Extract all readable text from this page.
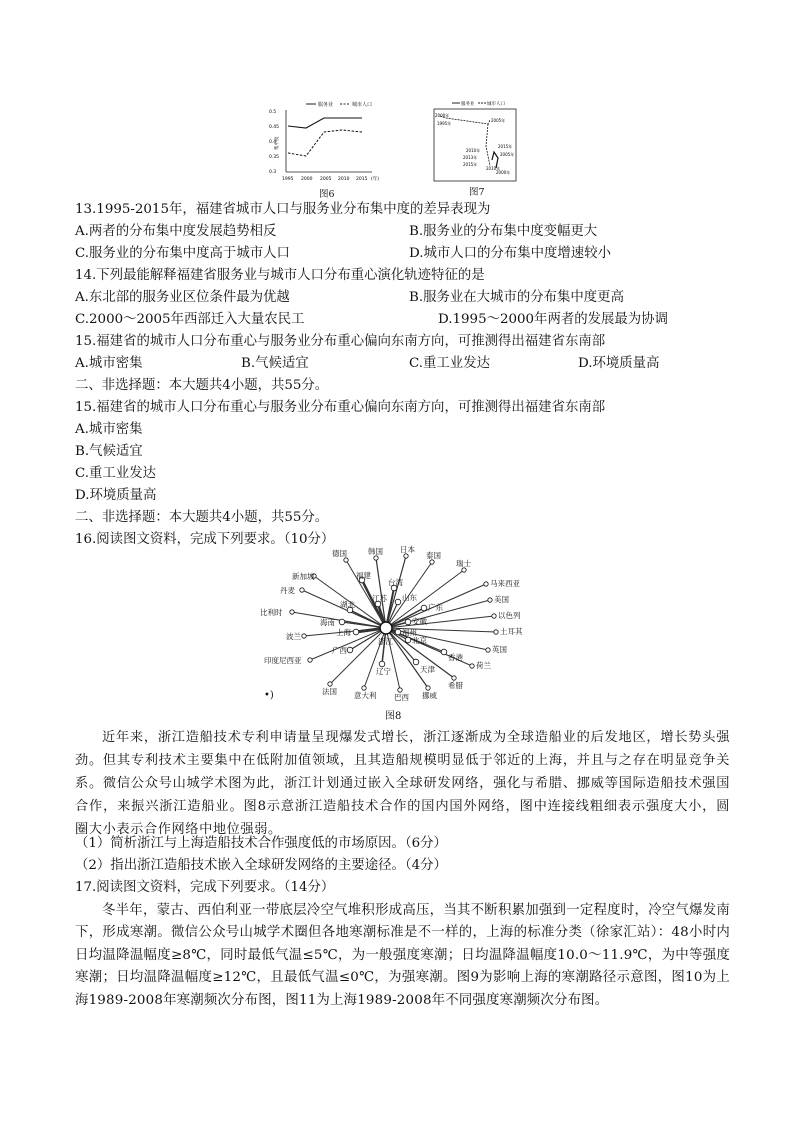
服务业	城市人口
0.5
0.45
0.4
0.35
0.3
集中度
1995 2000 2005 2010 2015 (年)
图6
服务业	城市人口
2000年
1995年
2005年
2010年
2013年
2015年
2015年
2010年
2005年
2000年
图7
13.1995-2015年，福建省城市人口与服务业分布集中度的差异表现为
A.两者的分布集中度发展趋势相反	B.服务业的分布集中度变幅更大
C.服务业的分布集中度高于城市人口	D.城市人口的分布集中度增速较小
14.下列最能解释福建省服务业与城市人口分布重心演化轨迹特征的是
A.东北部的服务业区位条件最为优越	B.服务业在大城市的分布集中度更高
C.2000～2005年西部迁入大量农民工	D.1995～2000年两者的发展最为协调
15.福建省的城市人口分布重心与服务业分布重心偏向东南方向，可推测得出福建省东南部
A.城市密集	B.气候适宜	C.重工业发达	D.环境质量高
二、非选择题：本大题共4小题，共55分。
15.福建省的城市人口分布重心与服务业分布重心偏向东南方向，可推测得出福建省东南部
A.城市密集
B.气候适宜
C.重工业发达
D.环境质量高
二、非选择题：本大题共4小题，共55分。
16.阅读图文资料，完成下列要求。（10分）
德国	韩国 日本
泰国
瑞士
马来西亚
美国
以色列
土耳其
英国
荷兰
希腊
挪威
巴西
意大利
法国
印度尼西亚
波兰
比利时
丹麦
新加坡	福建
台湾
江苏
广东
湖北
安徽
辽宁	天津
香港
海南
广西
上海
北京
山东
福州
浙江
•)
图8
近年来，浙江造船技术专利申请量呈现爆发式增长，浙江逐渐成为全球造船业的后发地区，增长势头强劲。但其专利技术主要集中在低附加值领域，且其造船规模明显低于邻近的上海，并且与之存在明显竞争关系。微信公众号山城学术图为此，浙江计划通过嵌入全球研发网络，强化与希腊、挪威等国际造船技术强国合作，来振兴浙江造船业。图8示意浙江造船技术合作的国内国外网络，图中连接线粗细表示强度大小，圆圈大小表示合作网络中地位强弱。
（1）简析浙江与上海造船技术合作强度低的市场原因。（6分）
（2）指出浙江造船技术嵌入全球研发网络的主要途径。（4分）
17.阅读图文资料，完成下列要求。（14分）
冬半年，蒙古、西伯利亚一带底层冷空气堆积形成高压，当其不断积累加强到一定程度时，冷空气爆发南下，形成寒潮。微信公众号山城学术圈但各地寒潮标准是不一样的，上海的标准分类（徐家汇站）：48小时内日均温降温幅度≥8℃，同时最低气温≤5℃，为一般强度寒潮；日均温降温幅度10.0～11.9℃，为中等强度寒潮；日均温降温幅度≥12℃，且最低气温≤0℃，为强寒潮。图9为影响上海的寒潮路径示意图，图10为上海1989-2008年寒潮频次分布图，图11为上海1989-2008年不同强度寒潮频次分布图。
